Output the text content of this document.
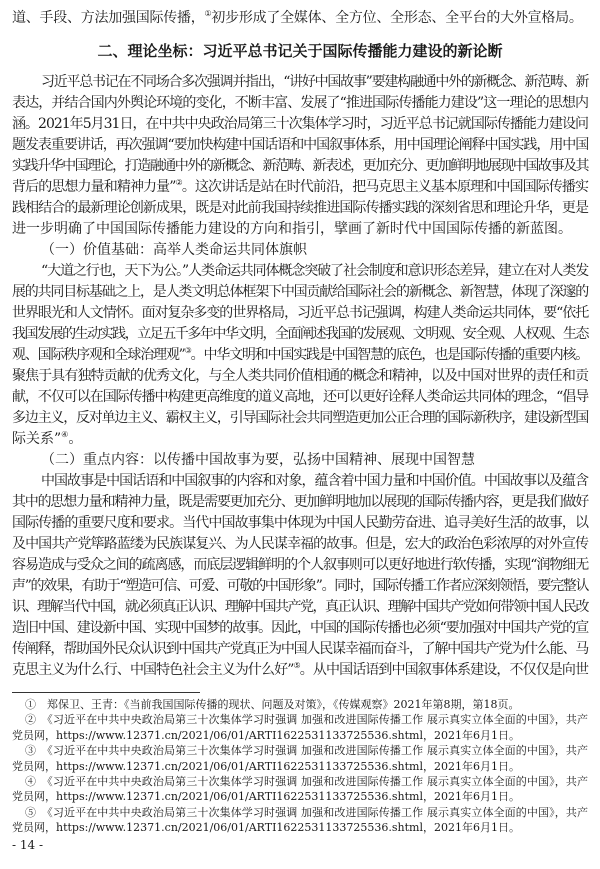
道、手段、方法加强国际传播，①初步形成了全媒体、全方位、全形态、全平台的大外宣格局。
二、理论坐标：习近平总书记关于国际传播能力建设的新论断
习近平总书记在不同场合多次强调并指出，“讲好中国故事”要建构融通中外的新概念、新范畴、新
表达，并结合国内外舆论环境的变化，不断丰富、发展了“推进国际传播能力建设”这一理论的思想内
涵。2021年5月31日，在中共中央政治局第三十次集体学习时，习近平总书记就国际传播能力建设问
题发表重要讲话，再次强调“要加快构建中国话语和中国叙事体系，用中国理论阐释中国实践，用中国
实践升华中国理论，打造融通中外的新概念、新范畴、新表述，更加充分、更加鲜明地展现中国故事及其
背后的思想力量和精神力量”②。这次讲话是站在时代前沿，把马克思主义基本原理和中国国际传播实
践相结合的最新理论创新成果，既是对此前我国持续推进国际传播实践的深刻省思和理论升华，更是
进一步明确了中国国际传播能力建设的方向和指引，擘画了新时代中国国际传播的新蓝图。
（一）价值基础：高举人类命运共同体旗帜
“大道之行也，天下为公。”人类命运共同体概念突破了社会制度和意识形态差异，建立在对人类发
展的共同目标基础之上，是人类文明总体框架下中国贡献给国际社会的新概念、新智慧，体现了深邃的
世界眼光和人文情怀。面对复杂多变的世界格局，习近平总书记强调，构建人类命运共同体，要“依托
我国发展的生动实践，立足五千多年中华文明，全面阐述我国的发展观、文明观、安全观、人权观、生态
观、国际秩序观和全球治理观”③。中华文明和中国实践是中国智慧的底色，也是国际传播的重要内核。
聚焦于具有独特贡献的优秀文化，与全人类共同价值相通的概念和精神，以及中国对世界的责任和贡
献，不仅可以在国际传播中构建更高维度的道义高地，还可以更好诠释人类命运共同体的理念，“倡导
多边主义，反对单边主义、霸权主义，引导国际社会共同塑造更加公正合理的国际新秩序，建设新型国
际关系”④。
（二）重点内容：以传播中国故事为要，弘扬中国精神、展现中国智慧
中国故事是中国话语和中国叙事的内容和对象，蕴含着中国力量和中国价值。中国故事以及蕴含
其中的思想力量和精神力量，既是需要更加充分、更加鲜明地加以展现的国际传播内容，更是我们做好
国际传播的重要尺度和要求。当代中国故事集中体现为中国人民勤劳奋进、追寻美好生活的故事，以
及中国共产党筚路蓝缕为民族谋复兴、为人民谋幸福的故事。但是，宏大的政治色彩浓厚的对外宣传
容易造成与受众之间的疏离感，而底层逻辑鲜明的个人叙事则可以更好地进行软传播，实现“润物细无
声”的效果，有助于“塑造可信、可爱、可敬的中国形象”。同时，国际传播工作者应深刻领悟，要完整认
识、理解当代中国，就必须真正认识、理解中国共产党，真正认识、理解中国共产党如何带领中国人民改
造旧中国、建设新中国、实现中国梦的故事。因此，中国的国际传播也必须“要加强对中国共产党的宣
传阐释，帮助国外民众认识到中国共产党真正为中国人民谋幸福而奋斗，了解中国共产党为什么能、马
克思主义为什么行、中国特色社会主义为什么好”⑤。从中国话语到中国叙事体系建设，不仅仅是向世
①　郑保卫、王青：《当前我国国际传播的现状、问题及对策》，《传媒观察》2021年第8期，第18页。
②　《习近平在中共中央政治局第三十次集体学习时强调 加强和改进国际传播工作 展示真实立体全面的中国》，共产
党员网，https://www.12371.cn/2021/06/01/ARTI1622531133725536.shtml，2021年6月1日。
③　《习近平在中共中央政治局第三十次集体学习时强调 加强和改进国际传播工作 展示真实立体全面的中国》，共产
党员网，https://www.12371.cn/2021/06/01/ARTI1622531133725536.shtml，2021年6月1日。
④　《习近平在中共中央政治局第三十次集体学习时强调 加强和改进国际传播工作 展示真实立体全面的中国》，共产
党员网，https://www.12371.cn/2021/06/01/ARTI1622531133725536.shtml，2021年6月1日。
⑤　《习近平在中共中央政治局第三十次集体学习时强调 加强和改进国际传播工作 展示真实立体全面的中国》，共产
党员网，https://www.12371.cn/2021/06/01/ARTI1622531133725536.shtml，2021年6月1日。
- 14 -
